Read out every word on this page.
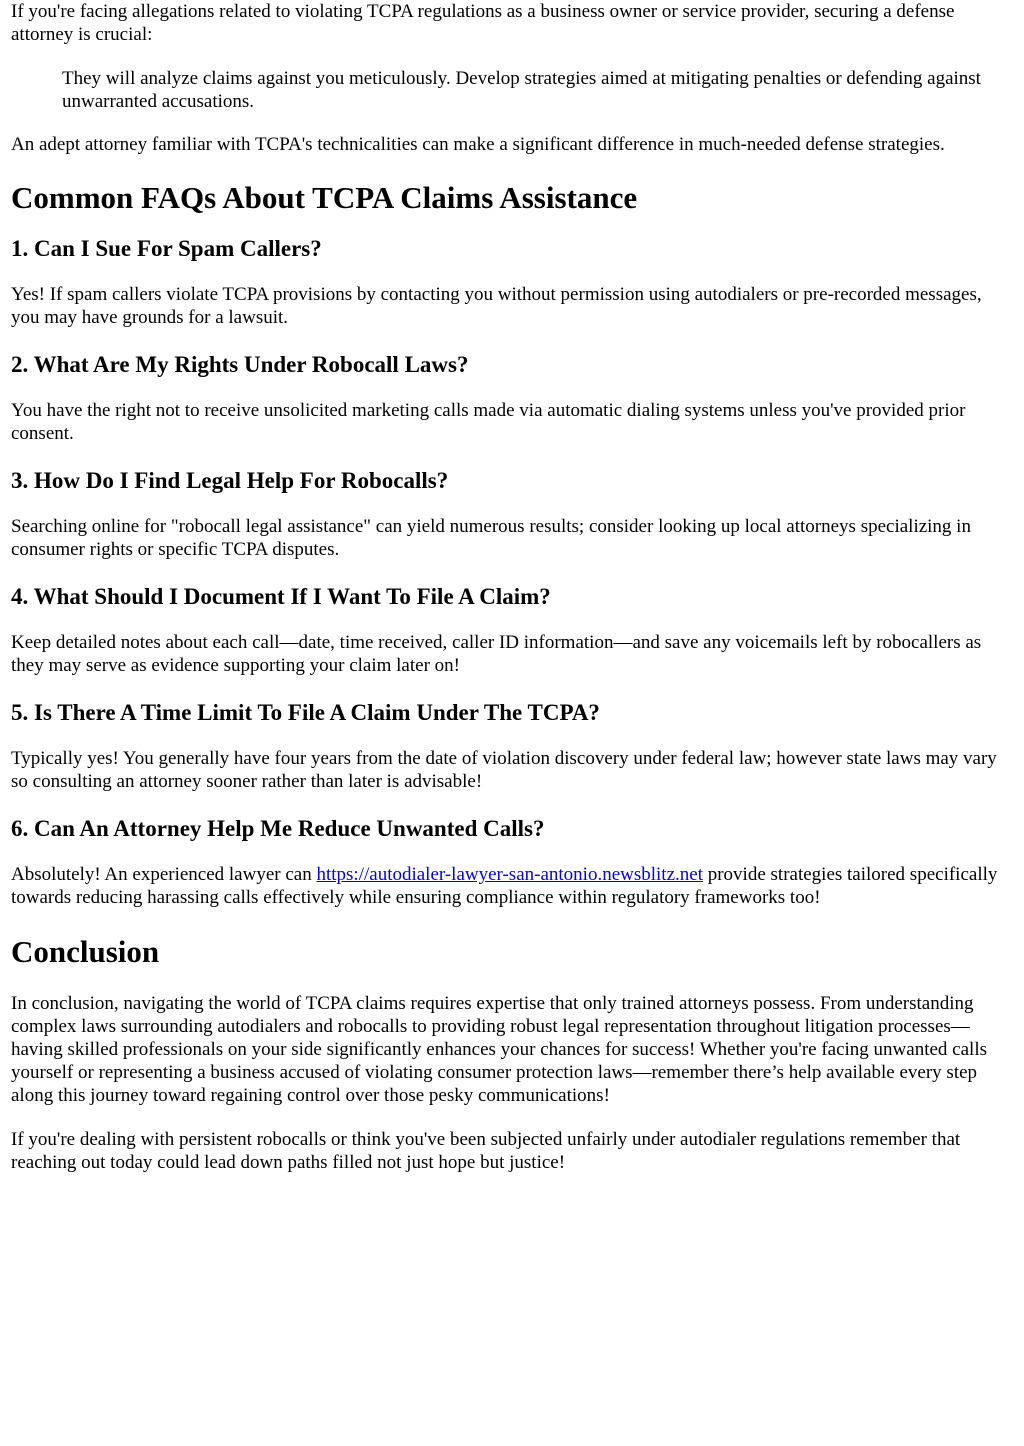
If you're facing allegations related to violating TCPA regulations as a business owner or service provider, securing a defense attorney is crucial:

They will analyze claims against you meticulously. Develop strategies aimed at mitigating penalties or defending against unwarranted accusations.

An adept attorney familiar with TCPA's technicalities can make a significant difference in much-needed defense strategies.

Common FAQs About TCPA Claims Assistance
1. Can I Sue For Spam Callers?

Yes! If spam callers violate TCPA provisions by contacting you without permission using autodialers or pre-recorded messages, you may have grounds for a lawsuit.

2. What Are My Rights Under Robocall Laws?

You have the right not to receive unsolicited marketing calls made via automatic dialing systems unless you've provided prior consent.

3. How Do I Find Legal Help For Robocalls?

Searching online for "robocall legal assistance" can yield numerous results; consider looking up local attorneys specializing in consumer rights or specific TCPA disputes.

4. What Should I Document If I Want To File A Claim?

Keep detailed notes about each call—date, time received, caller ID information—and save any voicemails left by robocallers as they may serve as evidence supporting your claim later on!

5. Is There A Time Limit To File A Claim Under The TCPA?

Typically yes! You generally have four years from the date of violation discovery under federal law; however state laws may vary so consulting an attorney sooner rather than later is advisable!

6. Can An Attorney Help Me Reduce Unwanted Calls?

Absolutely! An experienced lawyer can https://autodialer-lawyer-san-antonio.newsblitz.net provide strategies tailored specifically towards reducing harassing calls effectively while ensuring compliance within regulatory frameworks too!

Conclusion

In conclusion, navigating the world of TCPA claims requires expertise that only trained attorneys possess. From understanding complex laws surrounding autodialers and robocalls to providing robust legal representation throughout litigation processes—having skilled professionals on your side significantly enhances your chances for success! Whether you're facing unwanted calls yourself or representing a business accused of violating consumer protection laws—remember there’s help available every step along this journey toward regaining control over those pesky communications!

If you're dealing with persistent robocalls or think you've been subjected unfairly under autodialer regulations remember that reaching out today could lead down paths filled not just hope but justice!
